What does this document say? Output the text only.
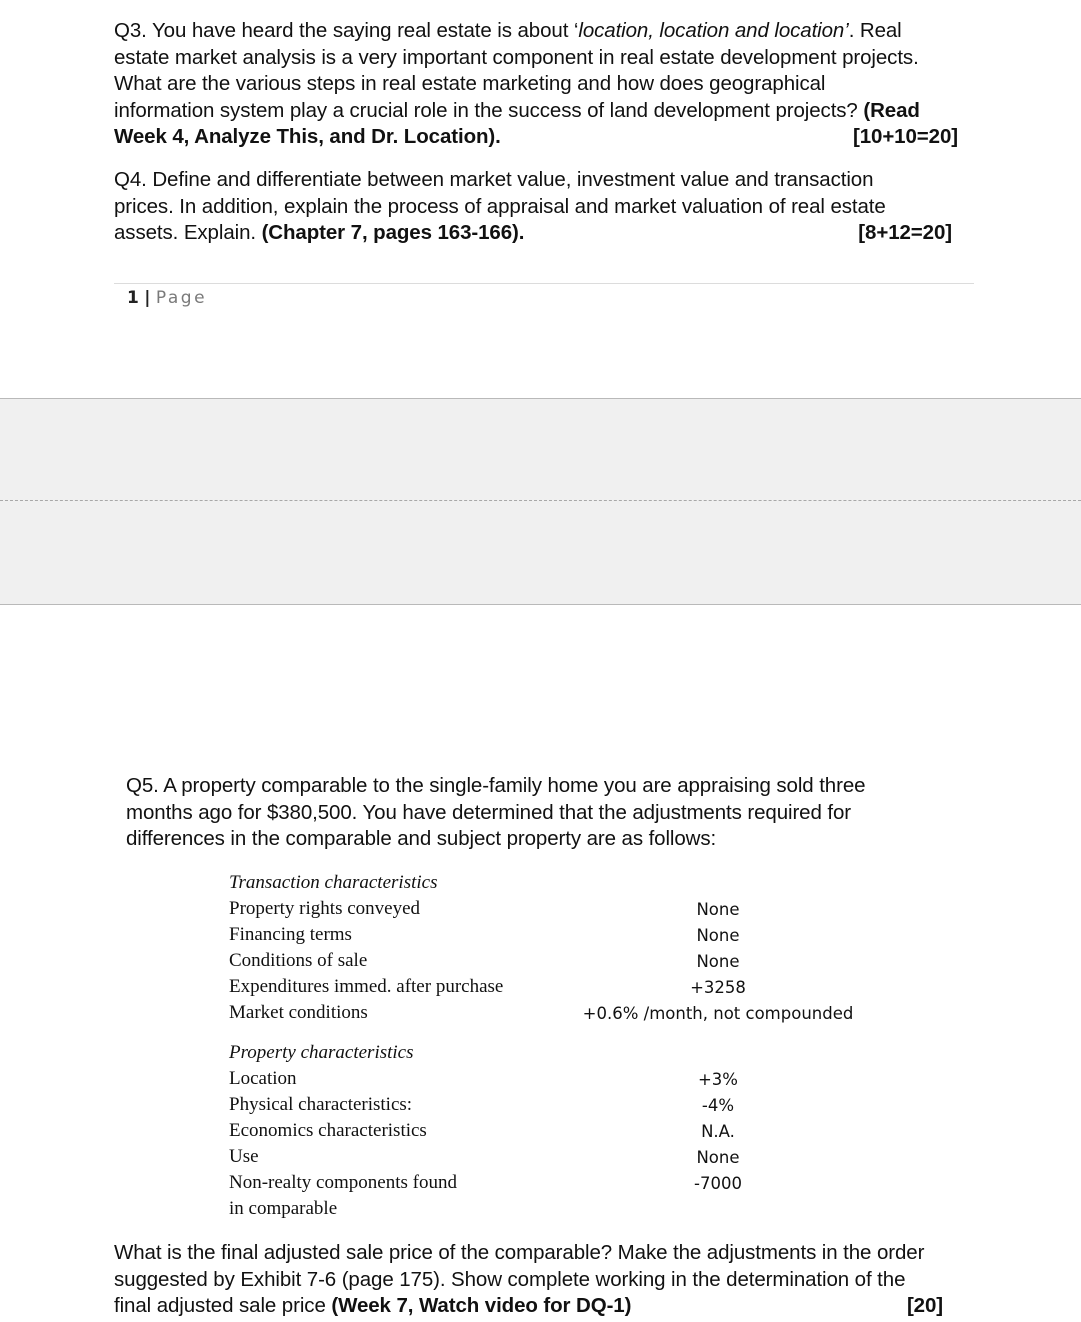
Q3. You have heard the saying real estate is about ‘location, location and location’. Real
estate market analysis is a very important component in real estate development projects.
What are the various steps in real estate marketing and how does geographical
information system play a crucial role in the success of land development projects? (Read
Week 4, Analyze This, and Dr. Location).	[10+10=20]
Q4. Define and differentiate between market value, investment value and transaction
prices. In addition, explain the process of appraisal and market valuation of real estate
assets. Explain. (Chapter 7, pages 163-166).	[8+12=20]
1 | Page
Q5. A property comparable to the single-family home you are appraising sold three
months ago for $380,500. You have determined that the adjustments required for
differences in the comparable and subject property are as follows:
Transaction characteristics
Property rights conveyed	None
Financing terms	None
Conditions of sale	None
Expenditures immed. after purchase	+3258
Market conditions	+0.6% /month, not compounded
Property characteristics
Location	+3%
Physical characteristics:	-4%
Economics characteristics	N.A.
Use	None
Non-realty components found	-7000
in comparable
What is the final adjusted sale price of the comparable? Make the adjustments in the order
suggested by Exhibit 7-6 (page 175). Show complete working in the determination of the
final adjusted sale price (Week 7, Watch video for DQ-1)	[20]
